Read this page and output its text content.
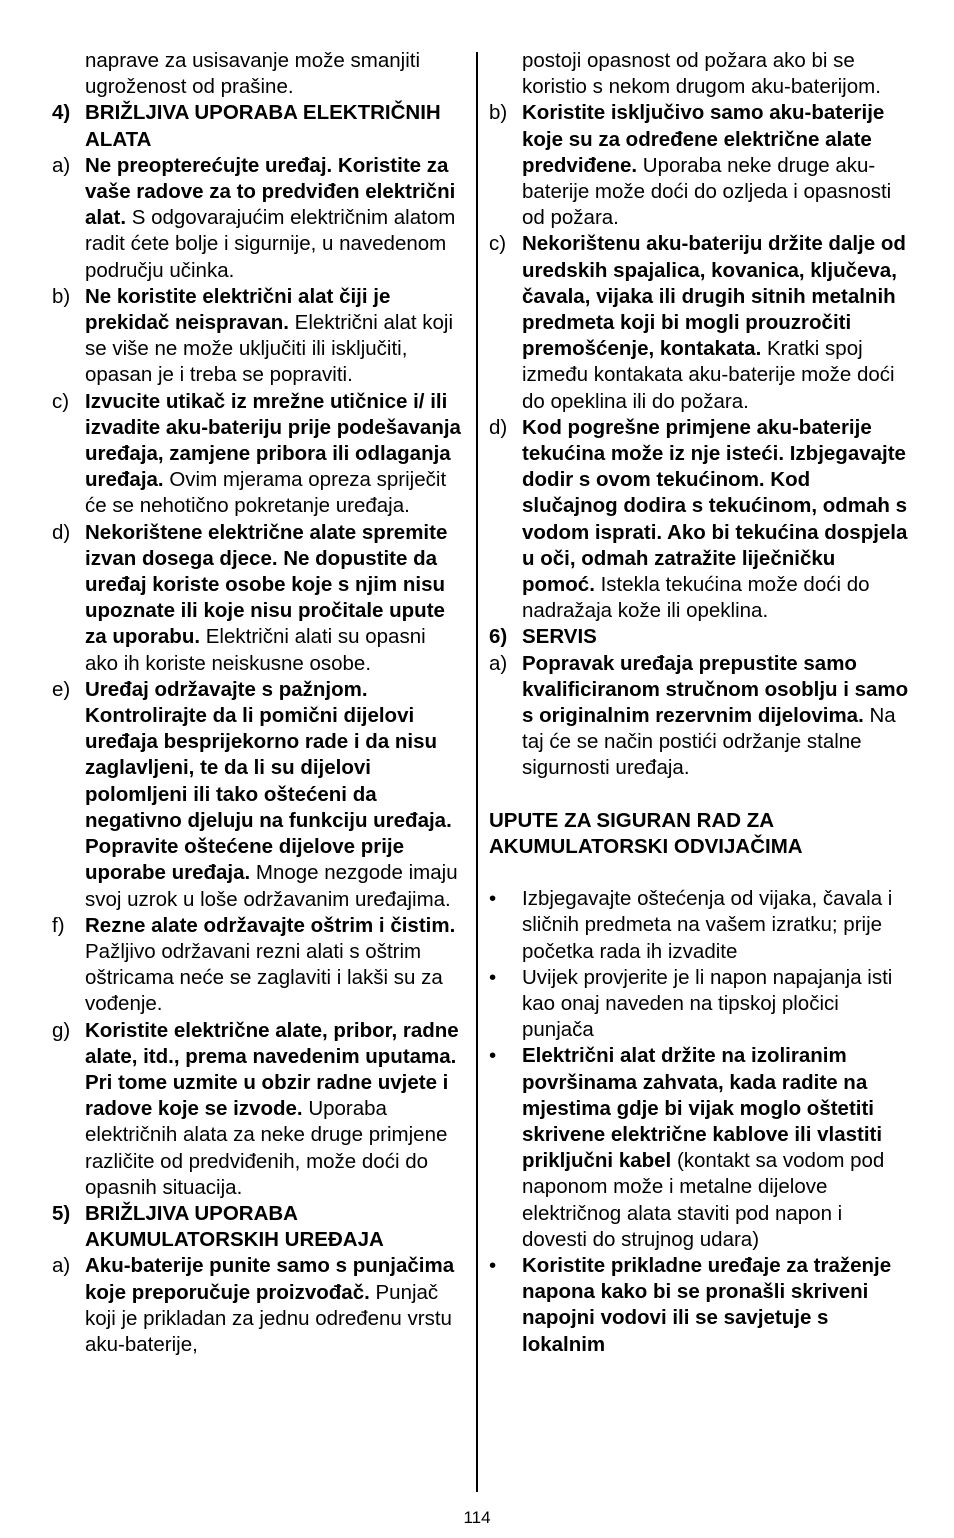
naprave za usisavanje može smanjiti ugroženost od prašine.

4) BRIŽLJIVA UPORABA ELEKTRIČNIH ALATA
a) Ne preopterećujte uređaj. Koristite za vaše radove za to predviđen električni alat. S odgovarajućim električnim alatom radit ćete bolje i sigurnije, u navedenom području učinka.
b) Ne koristite električni alat čiji je prekidač neispravan. Električni alat koji se više ne može uključiti ili isključiti, opasan je i treba se popraviti.
c) Izvucite utikač iz mrežne utičnice i/ ili izvadite aku-bateriju prije podešavanja uređaja, zamjene pribora ili odlaganja uređaja. Ovim mjerama opreza spriječit će se nehotično pokretanje uređaja.
d) Nekorištene električne alate spremite izvan dosega djece. Ne dopustite da uređaj koriste osobe koje s njim nisu upoznate ili koje nisu pročitale upute za uporabu. Električni alati su opasni ako ih koriste neiskusne osobe.
e) Uređaj održavajte s pažnjom. Kontrolirajte da li pomični dijelovi uređaja besprijekorno rade i da nisu zaglavljeni, te da li su dijelovi polomljeni ili tako oštećeni da negativno djeluju na funkciju uređaja. Popravite oštećene dijelove prije uporabe uređaja. Mnoge nezgode imaju svoj uzrok u loše održavanim uređajima.
f) Rezne alate održavajte oštrim i čistim. Pažljivo održavani rezni alati s oštrim oštricama neće se zaglaviti i lakši su za vođenje.
g) Koristite električne alate, pribor, radne alate, itd., prema navedenim uputama. Pri tome uzmite u obzir radne uvjete i radove koje se izvode. Uporaba električnih alata za neke druge primjene različite od predviđenih, može doći do opasnih situacija.
5) BRIŽLJIVA UPORABA AKUMULATORSKIH UREĐAJA
a) Aku-baterije punite samo s punjačima koje preporučuje proizvođač. Punjač koji je prikladan za jednu određenu vrstu aku-baterije,

postoji opasnost od požara ako bi se koristio s nekom drugom aku-baterijom.

b) Koristite isključivo samo aku-baterije koje su za određene električne alate predviđene. Uporaba neke druge aku-baterije može doći do ozljeda i opasnosti od požara.
c) Nekorištenu aku-bateriju držite dalje od uredskih spajalica, kovanica, ključeva, čavala, vijaka ili drugih sitnih metalnih predmeta koji bi mogli prouzročiti premošćenje, kontakata. Kratki spoj između kontakata aku-baterije može doći do opeklina ili do požara.
d) Kod pogrešne primjene aku-baterije tekućina može iz nje isteći. Izbjegavajte dodir s ovom tekućinom. Kod slučajnog dodira s tekućinom, odmah s vodom isprati. Ako bi tekućina dospjela u oči, odmah zatražite liječničku pomoć. Istekla tekućina može doći do nadražaja kože ili opeklina.
6) SERVIS
a) Popravak uređaja prepustite samo kvalificiranom stručnom osoblju i samo s originalnim rezervnim dijelovima. Na taj će se način postići održanje stalne sigurnosti uređaja.

UPUTE ZA SIGURAN RAD ZA AKUMULATORSKI ODVIJAČIMA

•	Izbjegavajte oštećenja od vijaka, čavala i sličnih predmeta na vašem izratku; prije početka rada ih izvadite
•	Uvijek provjerite je li napon napajanja isti kao onaj naveden na tipskoj pločici punjača
•	Električni alat držite na izoliranim površinama zahvata, kada radite na mjestima gdje bi vijak moglo oštetiti skrivene električne kablove ili vlastiti priključni kabel (kontakt sa vodom pod naponom može i metalne dijelove električnog alata staviti pod napon i dovesti do strujnog udara)
•	Koristite prikladne uređaje za traženje napona kako bi se pronašli skriveni napojni vodovi ili se savjetuje s lokalnim
114
